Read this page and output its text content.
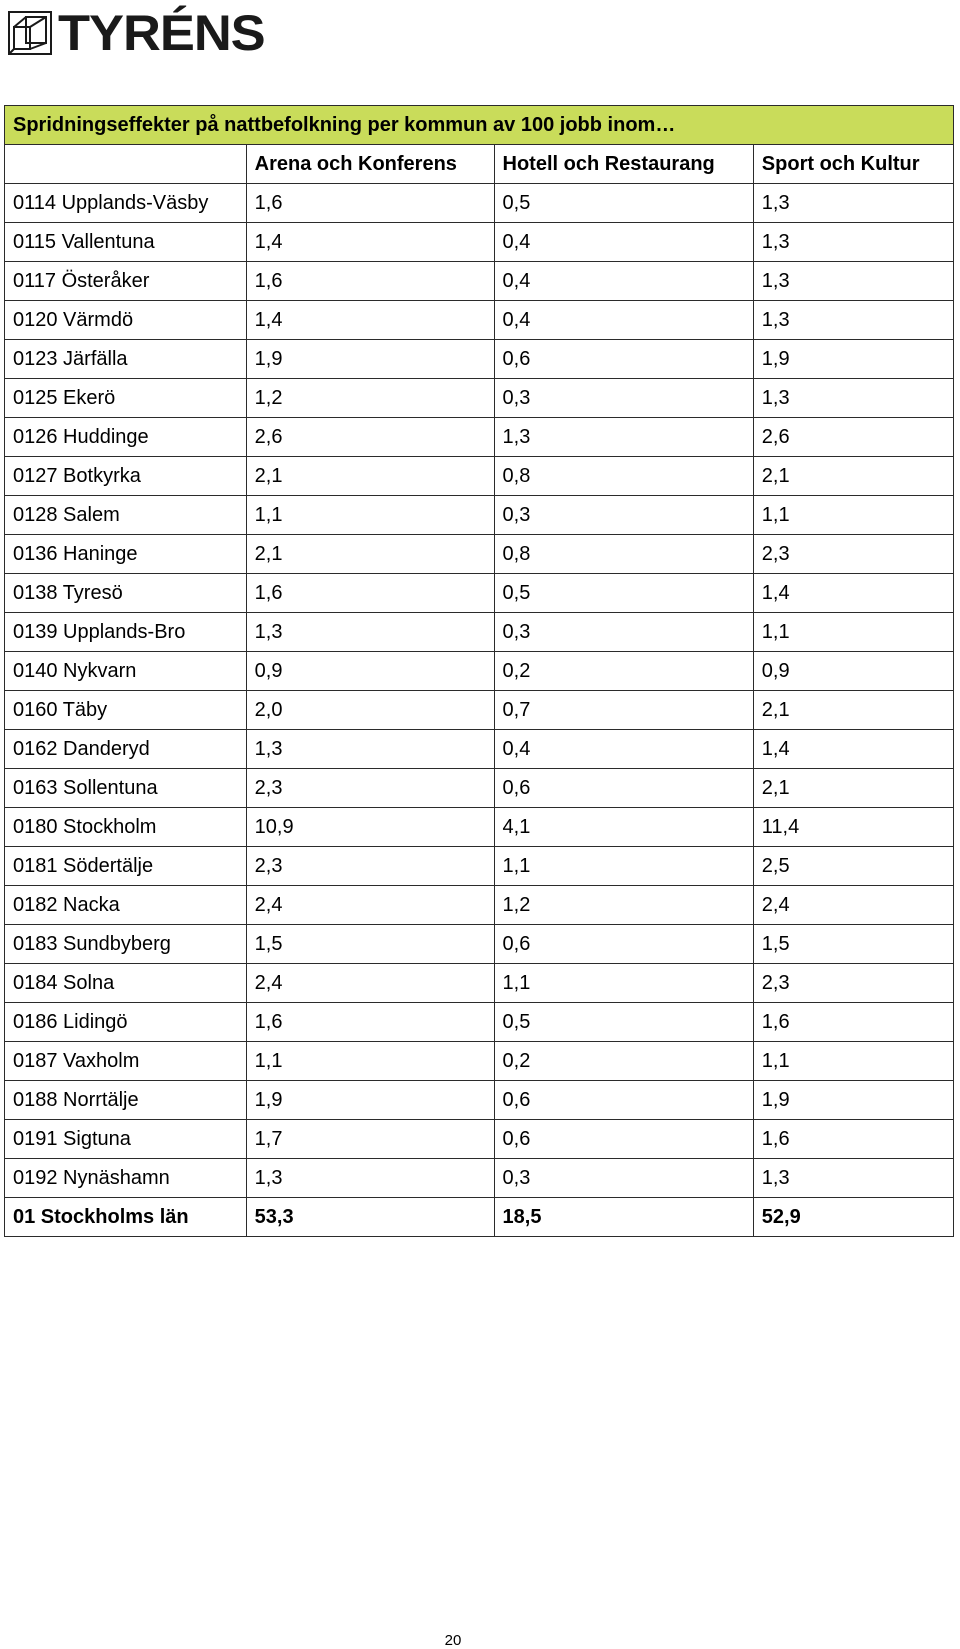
TYRÉNS
Spridningseffekter på nattbefolkning per kommun av 100 jobb inom…			
	Arena och Konferens	Hotell och Restaurang	Sport och Kultur
0114 Upplands-Väsby	1,6	0,5	1,3
0115 Vallentuna	1,4	0,4	1,3
0117 Österåker	1,6	0,4	1,3
0120 Värmdö	1,4	0,4	1,3
0123 Järfälla	1,9	0,6	1,9
0125 Ekerö	1,2	0,3	1,3
0126 Huddinge	2,6	1,3	2,6
0127 Botkyrka	2,1	0,8	2,1
0128 Salem	1,1	0,3	1,1
0136 Haninge	2,1	0,8	2,3
0138 Tyresö	1,6	0,5	1,4
0139 Upplands-Bro	1,3	0,3	1,1
0140 Nykvarn	0,9	0,2	0,9
0160 Täby	2,0	0,7	2,1
0162 Danderyd	1,3	0,4	1,4
0163 Sollentuna	2,3	0,6	2,1
0180 Stockholm	10,9	4,1	11,4
0181 Södertälje	2,3	1,1	2,5
0182 Nacka	2,4	1,2	2,4
0183 Sundbyberg	1,5	0,6	1,5
0184 Solna	2,4	1,1	2,3
0186 Lidingö	1,6	0,5	1,6
0187 Vaxholm	1,1	0,2	1,1
0188 Norrtälje	1,9	0,6	1,9
0191 Sigtuna	1,7	0,6	1,6
0192 Nynäshamn	1,3	0,3	1,3
01 Stockholms län	53,3	18,5	52,9
20
